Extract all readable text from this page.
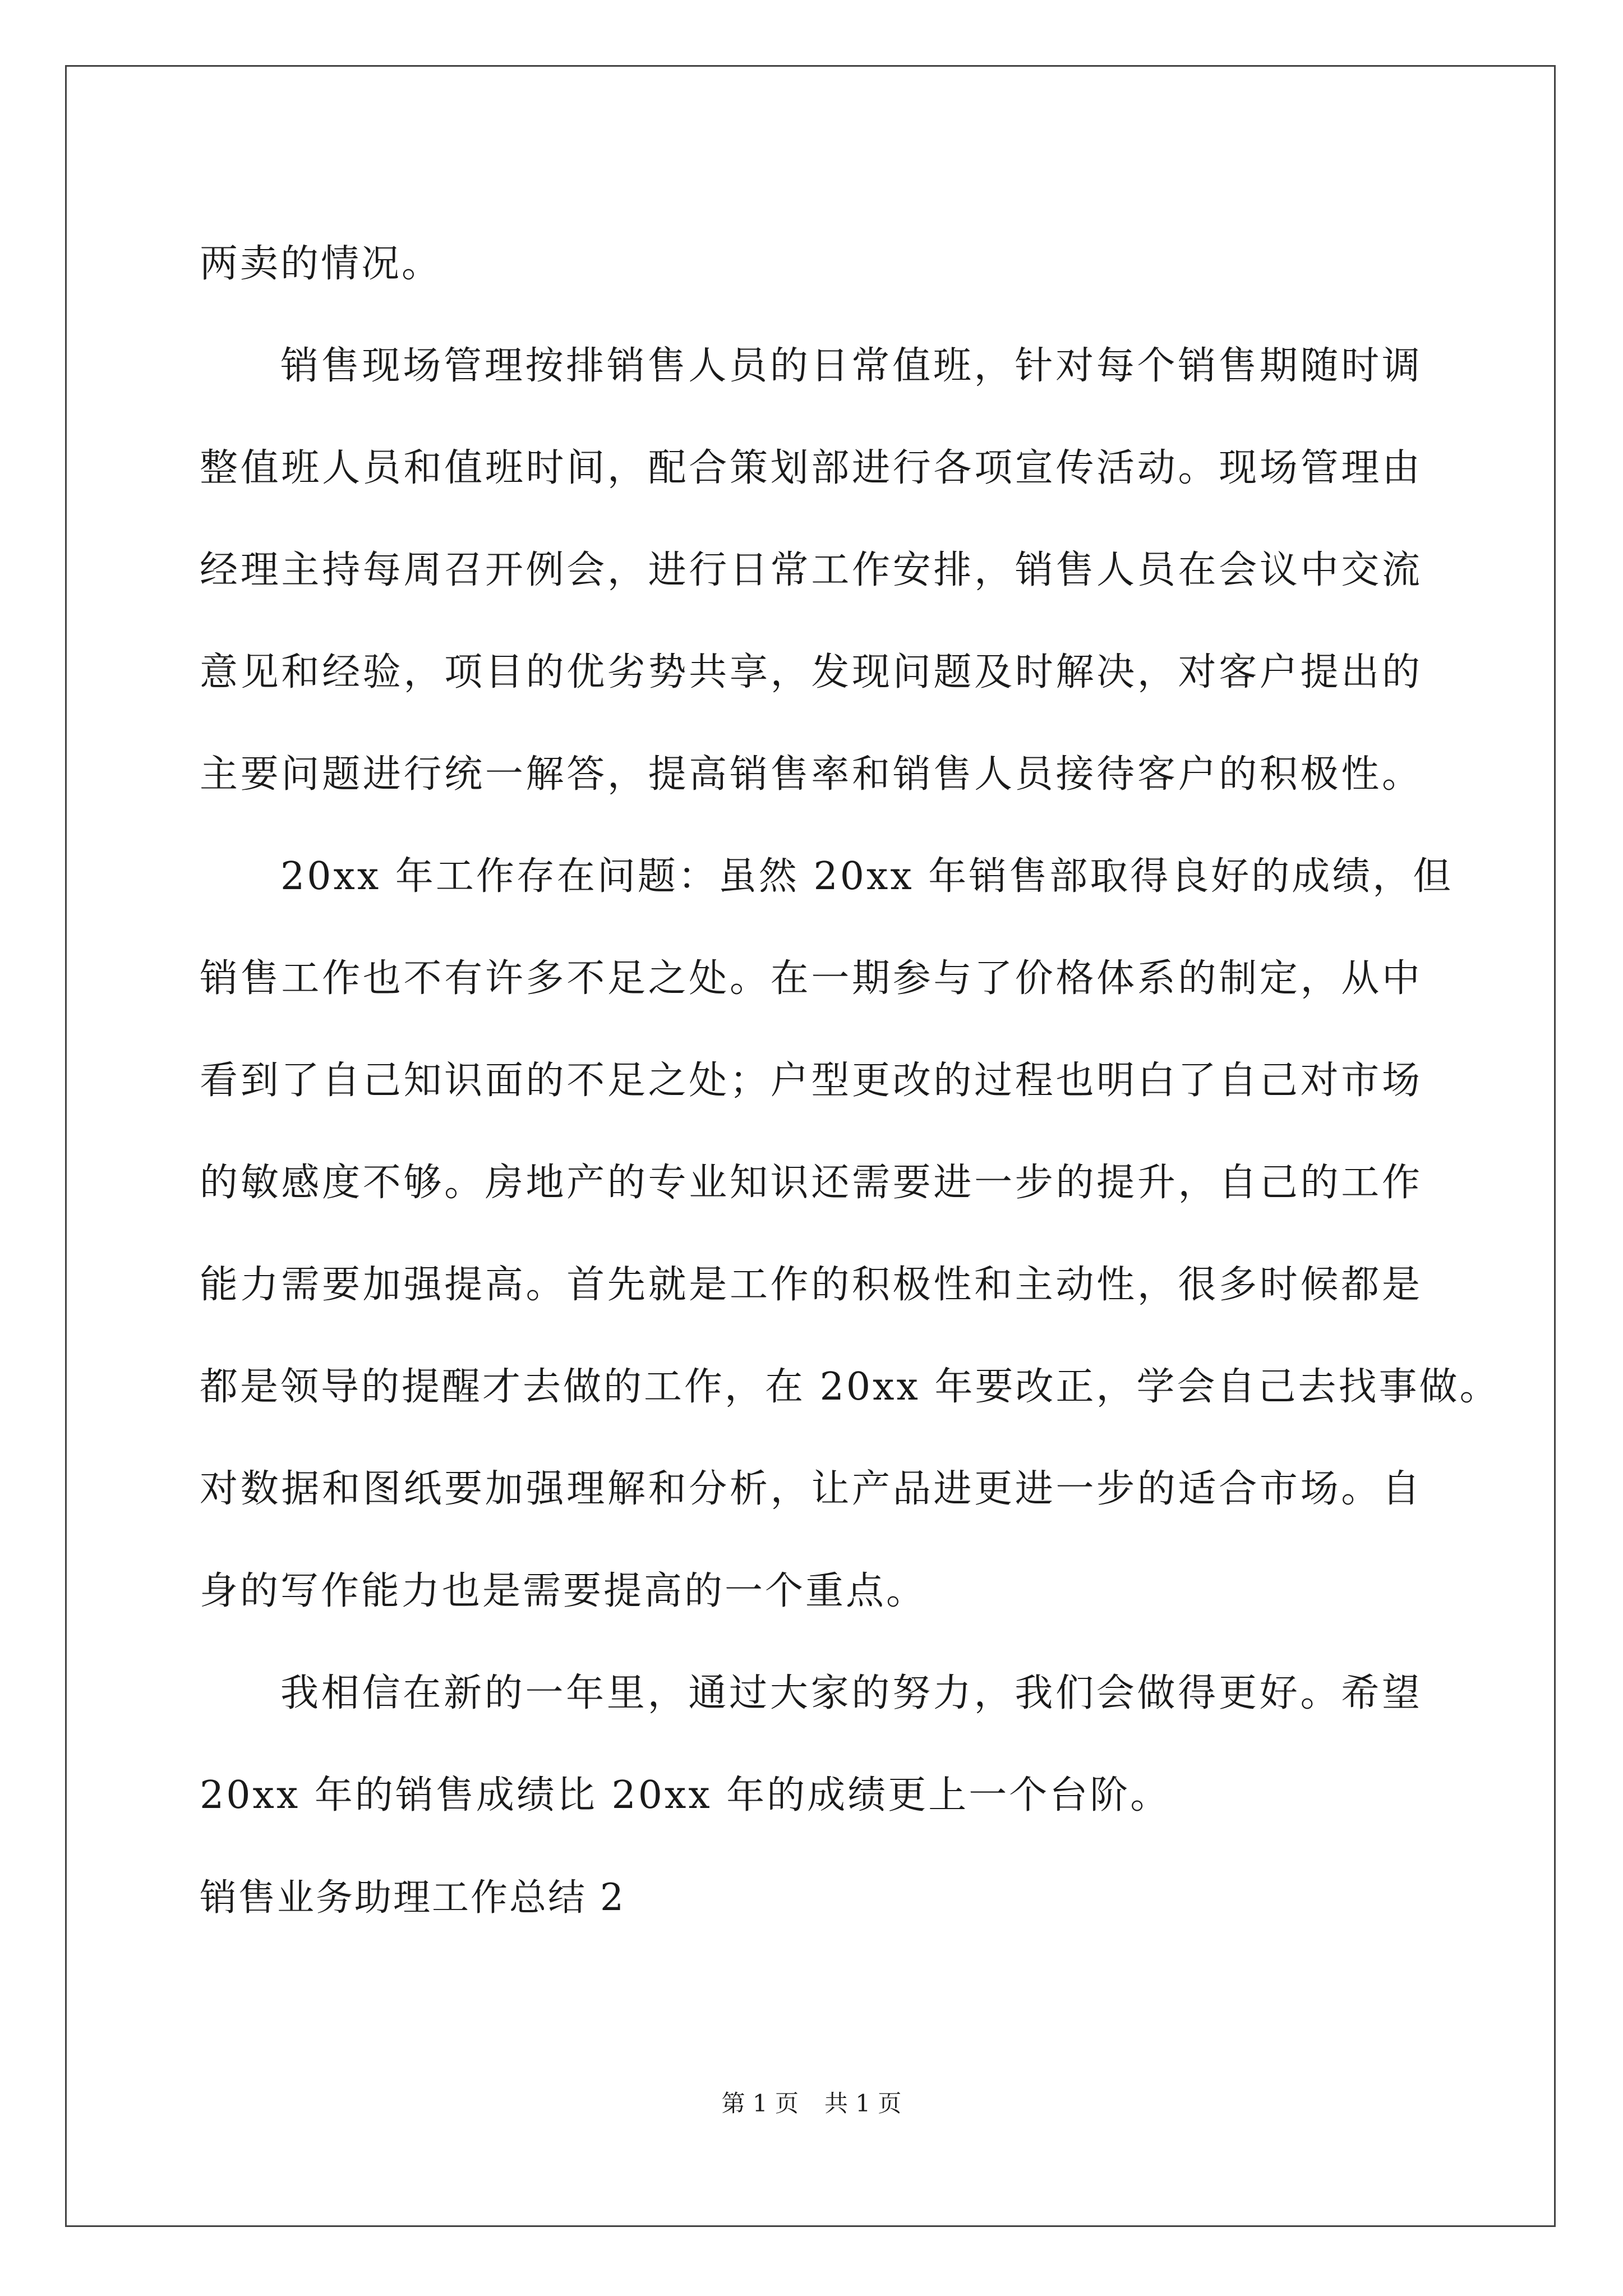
两卖的情况。
销售现场管理按排销售人员的日常值班，针对每个销售期随时调
整值班人员和值班时间，配合策划部进行各项宣传活动。现场管理由
经理主持每周召开例会，进行日常工作安排，销售人员在会议中交流
意见和经验，项目的优劣势共享，发现问题及时解决，对客户提出的
主要问题进行统一解答，提高销售率和销售人员接待客户的积极性。
20xx 年工作存在问题：虽然 20xx 年销售部取得良好的成绩，但
销售工作也不有许多不足之处。在一期参与了价格体系的制定，从中
看到了自己知识面的不足之处；户型更改的过程也明白了自己对市场
的敏感度不够。房地产的专业知识还需要进一步的提升，自己的工作
能力需要加强提高。首先就是工作的积极性和主动性，很多时候都是
都是领导的提醒才去做的工作，在 20xx 年要改正，学会自己去找事做。
对数据和图纸要加强理解和分析，让产品进更进一步的适合市场。自
身的写作能力也是需要提高的一个重点。
我相信在新的一年里，通过大家的努力，我们会做得更好。希望
20xx 年的销售成绩比 20xx 年的成绩更上一个台阶。
销售业务助理工作总结 2
第 1 页 共 1 页
